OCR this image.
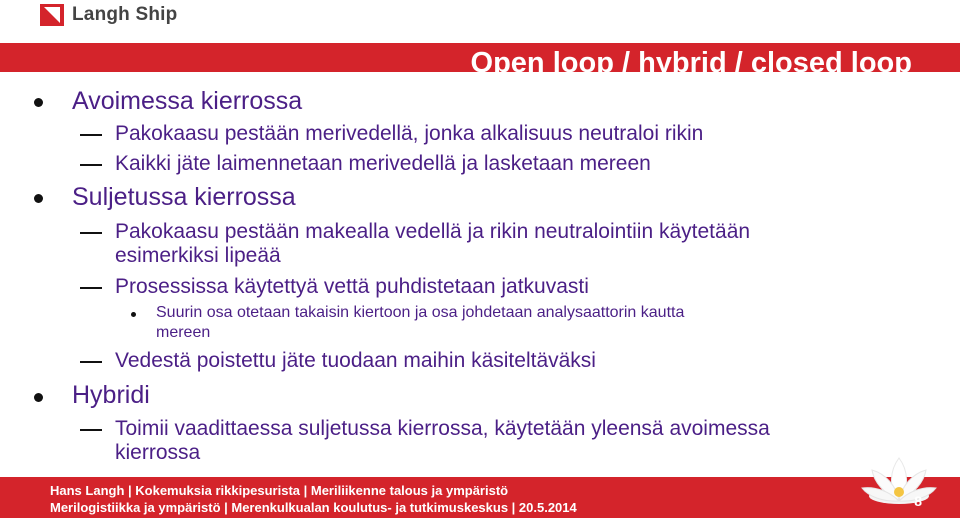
Langh Ship
Open loop / hybrid / closed loop
Avoimessa kierrossa
Pakokaasu pestään merivedellä, jonka alkalisuus neutraloi rikin
Kaikki jäte laimennetaan merivedellä ja lasketaan mereen
Suljetussa kierrossa
Pakokaasu pestään makealla vedellä ja rikin neutralointiin käytetään
esimerkiksi lipeää
Prosessissa käytettyä vettä puhdistetaan jatkuvasti
Suurin osa otetaan takaisin kiertoon ja osa johdetaan analysaattorin kautta
mereen
Vedestä poistettu jäte tuodaan maihin käsiteltäväksi
Hybridi
Toimii vaadittaessa suljetussa kierrossa, käytetään yleensä avoimessa
kierrossa
Hans Langh | Kokemuksia rikkipesurista | Meriliikenne talous ja ympäristö
Merilogistiikka ja ympäristö | Merenkulkualan koulutus- ja tutkimuskeskus | 20.5.2014	8
